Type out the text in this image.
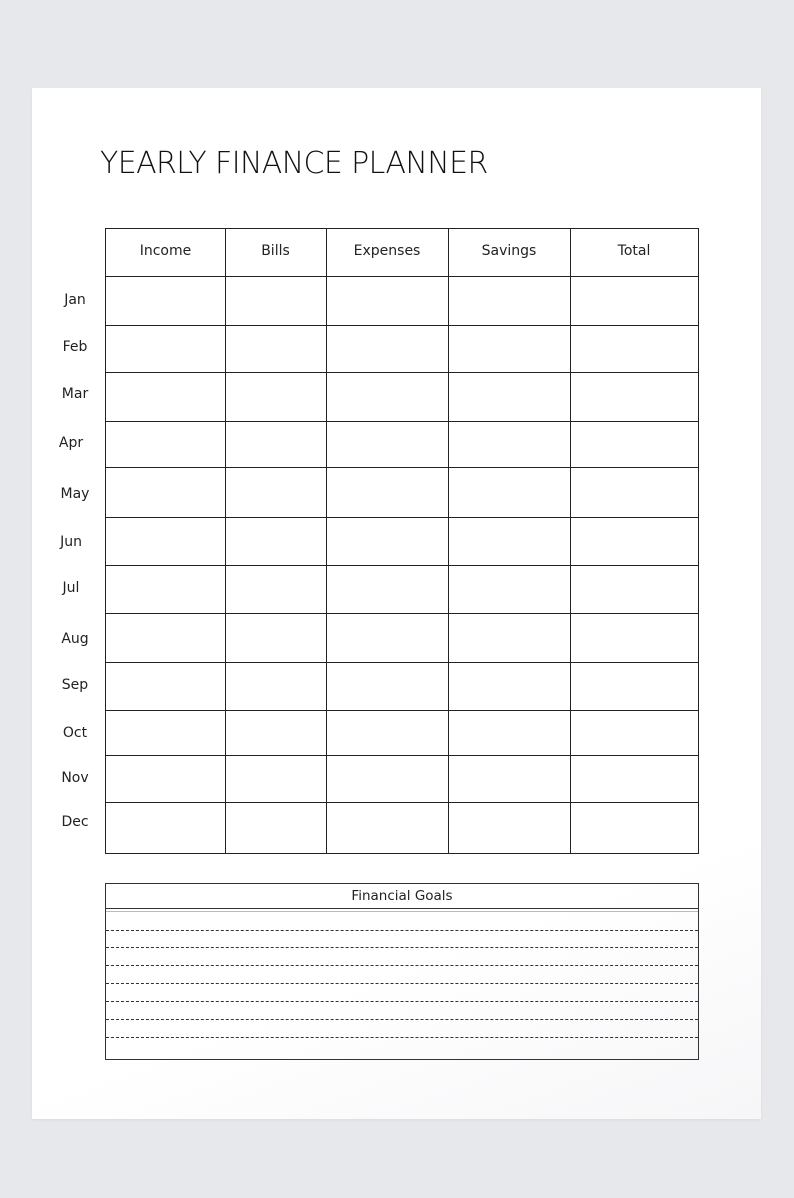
YEARLY FINANCE PLANNER
Income	Bills	Expenses	Savings	Total
Jan
Feb
Mar
Apr
May
Jun
Jul
Aug
Sep
Oct
Nov
Dec
Financial Goals
